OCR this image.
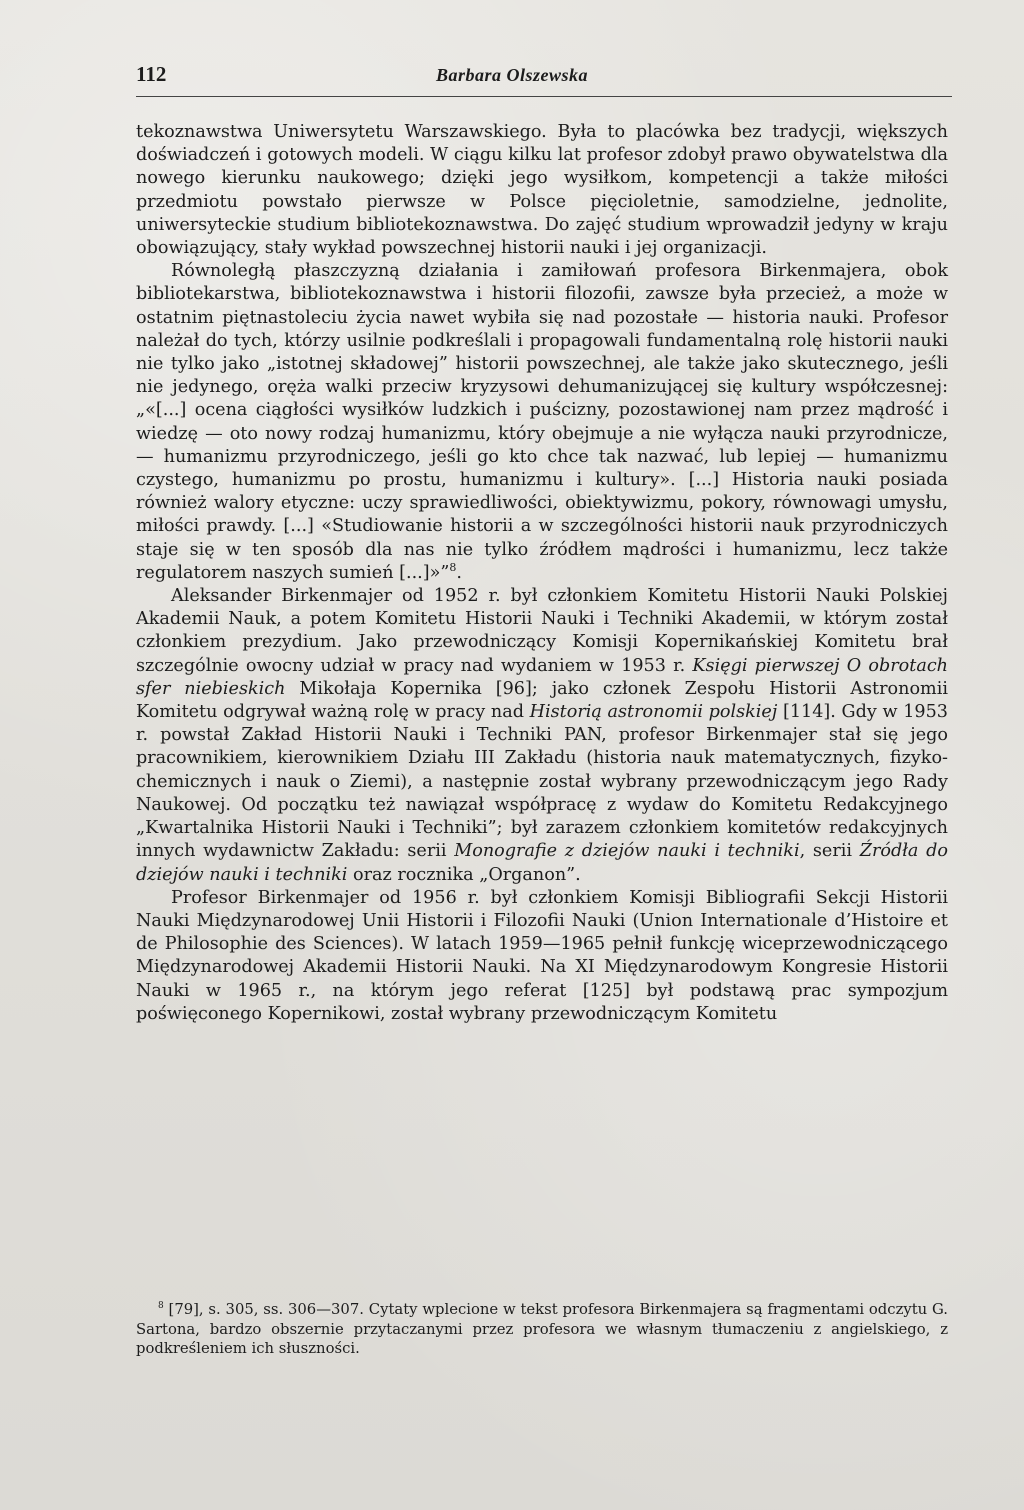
112	Barbara Olszewska

tekoznawstwa Uniwersytetu Warszawskiego. Była to placówka bez tradycji, większych doświadczeń i gotowych modeli. W ciągu kilku lat profesor zdobył prawo obywatelstwa dla nowego kierunku naukowego; dzięki jego wysiłkom, kompetencji a także miłości przedmiotu powstało pierwsze w Polsce pięcioletnie, samodzielne, jednolite, uniwersyteckie studium bibliotekoznawstwa. Do zajęć studium wprowadził jedyny w kraju obowiązujący, stały wykład powszechnej historii nauki i jej organizacji.

Równoległą płaszczyzną działania i zamiłowań profesora Birkenmajera, obok bibliotekarstwa, bibliotekoznawstwa i historii filozofii, zawsze była przecież, a może w ostatnim piętnastoleciu życia nawet wybiła się nad pozostałe — historia nauki. Profesor należał do tych, którzy usilnie podkreślali i propagowali fundamentalną rolę historii nauki nie tylko jako „istotnej składowej” historii powszechnej, ale także jako skutecznego, jeśli nie jedynego, oręża walki przeciw kryzysowi dehumanizującej się kultury współczesnej: „«[...] ocena ciągłości wysiłków ludzkich i puścizny, pozostawionej nam przez mądrość i wiedzę — oto nowy rodzaj humanizmu, który obejmuje a nie wyłącza nauki przyrodnicze, — humanizmu przyrodniczego, jeśli go kto chce tak nazwać, lub lepiej — humanizmu czystego, humanizmu po prostu, humanizmu i kultury». [...] Historia nauki posiada również walory etyczne: uczy sprawiedliwości, obiektywizmu, pokory, równowagi umysłu, miłości prawdy. [...] «Studiowanie historii a w szczególności historii nauk przyrodniczych staje się w ten sposób dla nas nie tylko źródłem mądrości i humanizmu, lecz także regulatorem naszych sumień [...]»”$^8$.

Aleksander Birkenmajer od 1952 r. był członkiem Komitetu Historii Nauki Polskiej Akademii Nauk, a potem Komitetu Historii Nauki i Techniki Akademii, w którym został członkiem prezydium. Jako przewodniczący Komisji Kopernikańskiej Komitetu brał szczególnie owocny udział w pracy nad wydaniem w 1953 r. Księgi pierwszej O obrotach sfer niebieskich Mikołaja Kopernika [96]; jako członek Zespołu Historii Astronomii Komitetu odgrywał ważną rolę w pracy nad Historią astronomii polskiej [114]. Gdy w 1953 r. powstał Zakład Historii Nauki i Techniki PAN, profesor Birkenmajer stał się jego pracownikiem, kierownikiem Działu III Zakładu (historia nauk matematycznych, fizyko-chemicznych i nauk o Ziemi), a następnie został wybrany przewodniczącym jego Rady Naukowej. Od początku też nawiązał współpracę z wydaw do Komitetu Redakcyjnego „Kwartalnika Historii Nauki i Techniki”; był zarazem członkiem komitetów redakcyjnych innych wydawnictw Zakładu: serii Monografie z dziejów nauki i techniki, serii Źródła do dziejów nauki i techniki oraz rocznika „Organon”.

Profesor Birkenmajer od 1956 r. był członkiem Komisji Bibliografii Sekcji Historii Nauki Międzynarodowej Unii Historii i Filozofii Nauki (Union Internationale d’Histoire et de Philosophie des Sciences). W latach 1959—1965 pełnił funkcję wiceprzewodniczącego Międzynarodowej Akademii Historii Nauki. Na XI Międzynarodowym Kongresie Historii Nauki w 1965 r., na którym jego referat [125] był podstawą prac sympozjum poświęconego Kopernikowi, został wybrany przewodniczącym Komitetu

$^8$ [79], s. 305, ss. 306—307. Cytaty wplecione w tekst profesora Birkenmajera są fragmentami odczytu G. Sartona, bardzo obszernie przytaczanymi przez profesora we własnym tłumaczeniu z angielskiego, z podkreśleniem ich słuszności.
